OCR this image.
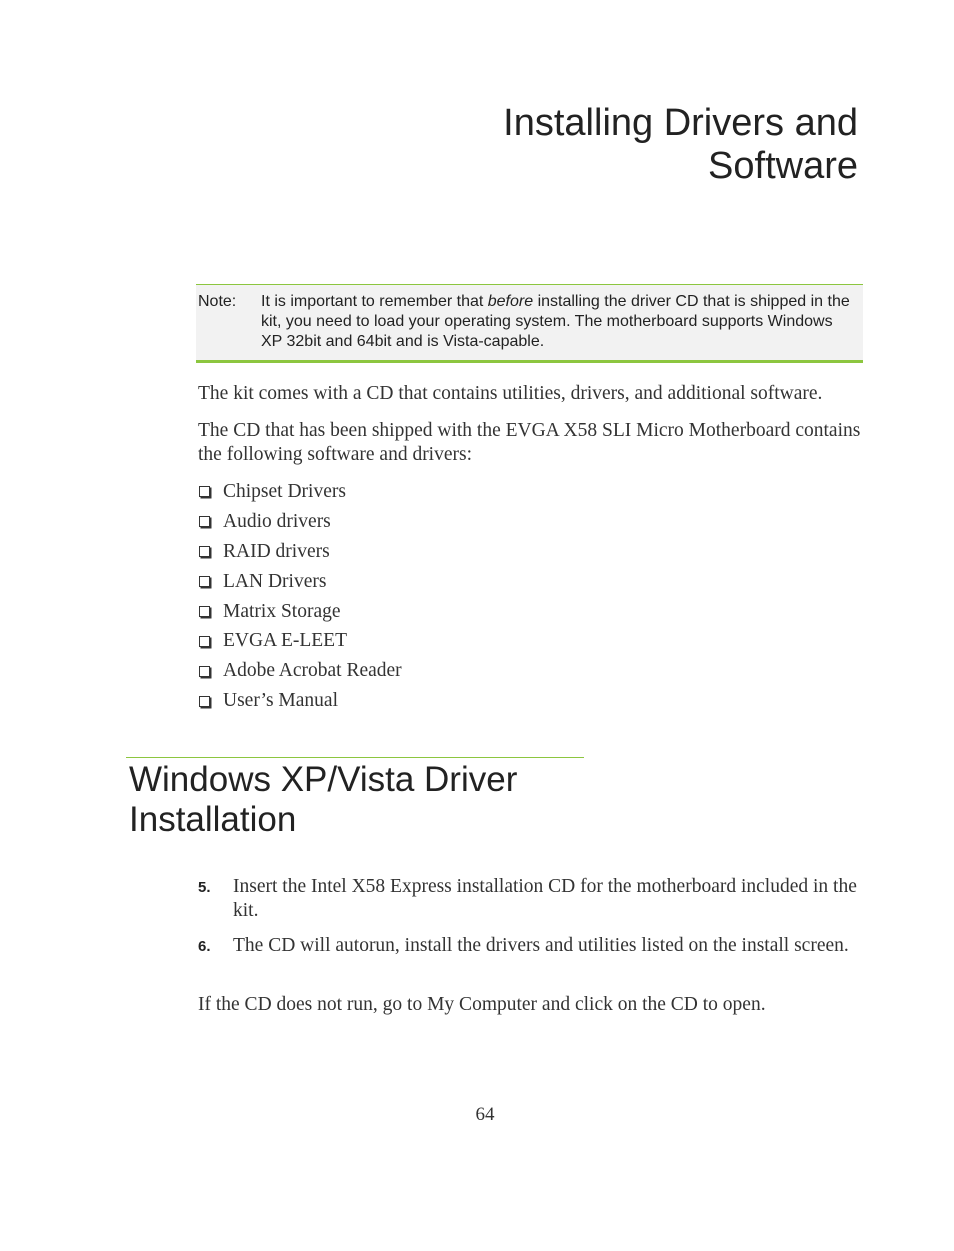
Installing Drivers and
Software
Note:	It is important to remember that before installing the driver CD that is shipped in the kit, you need to load your operating system. The motherboard supports Windows XP 32bit and 64bit and is Vista-capable.

The kit comes with a CD that contains utilities, drivers, and additional software.

The CD that has been shipped with the EVGA X58 SLI Micro Motherboard contains the following software and drivers:

Chipset Drivers
Audio drivers
RAID drivers
LAN Drivers
Matrix Storage
EVGA E-LEET
Adobe Acrobat Reader
User’s Manual
Windows XP/Vista Driver
Installation
5.	Insert the Intel X58 Express installation CD for the motherboard included in the kit.
6.	The CD will autorun, install the drivers and utilities listed on the install screen.

If the CD does not run, go to My Computer and click on the CD to open.

64
